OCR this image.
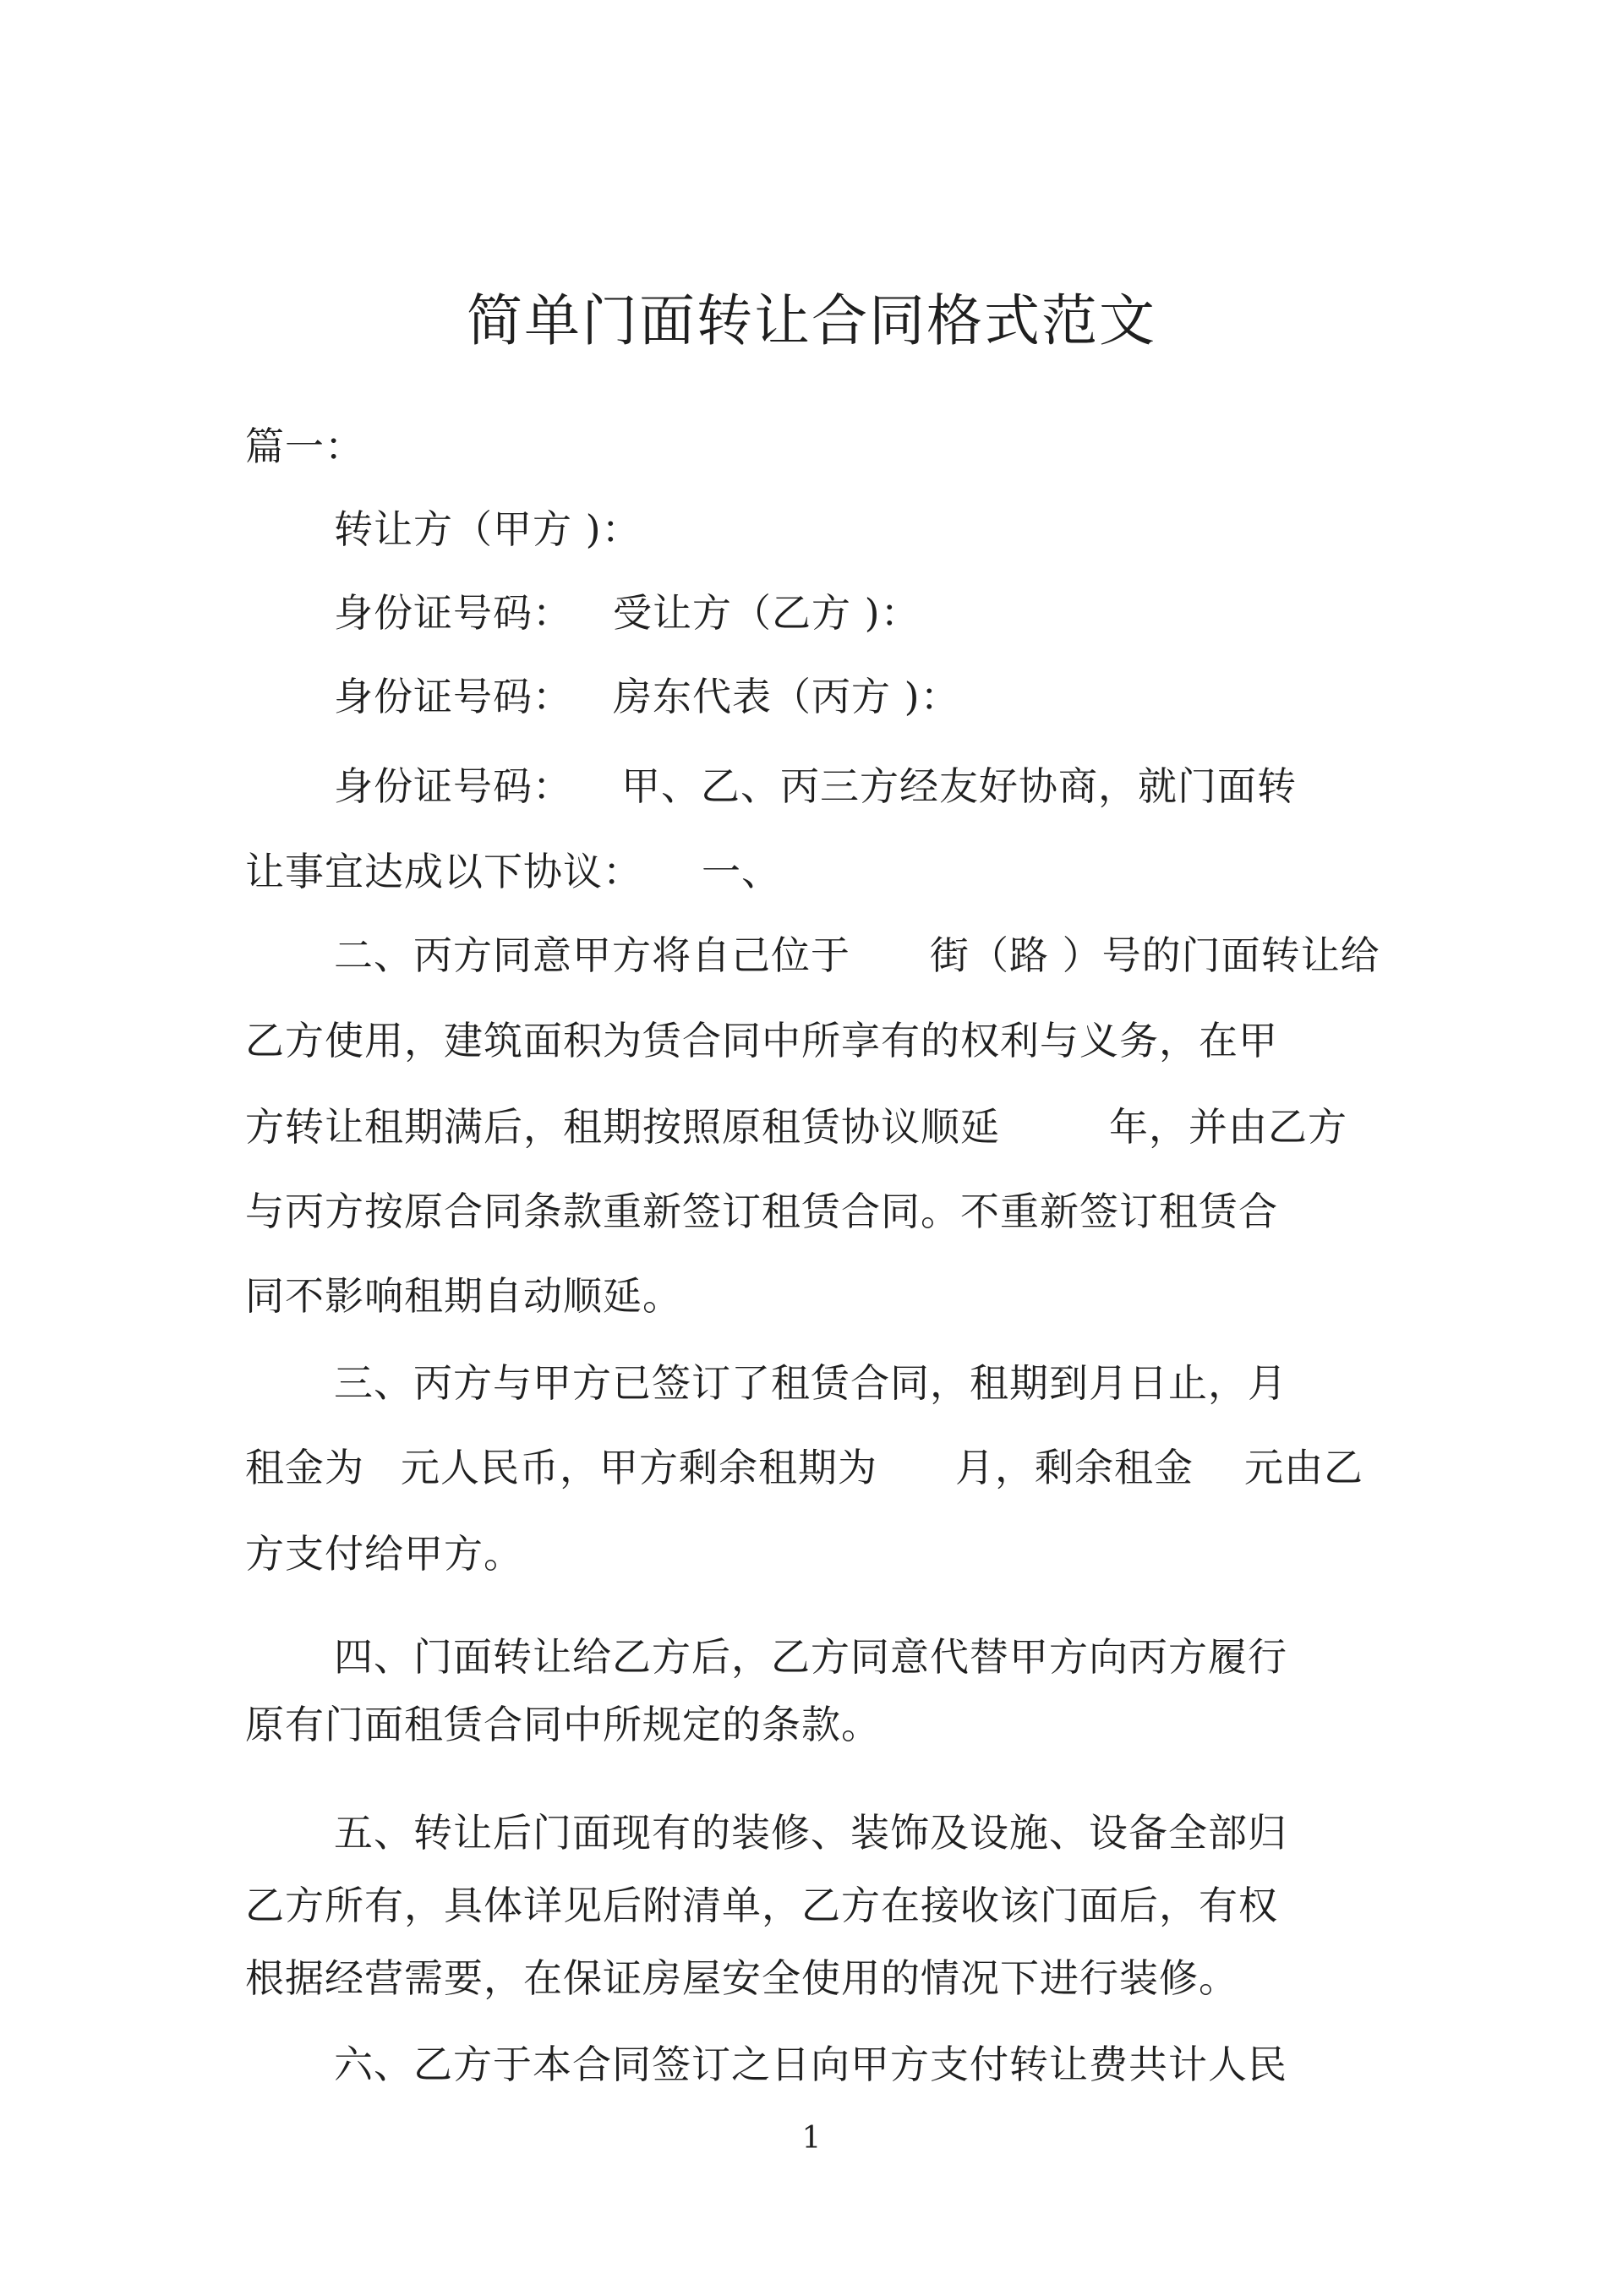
简单门面转让合同格式范文
篇一：
转让方（甲方 )：
身份证号码： 受让方（乙方 )：
身份证号码： 房东代表（丙方 )：
身份证号码： 甲、乙、丙三方经友好协商，就门面转
让事宜达成以下协议： 一、
二、丙方同意甲方将自己位于 街（路 ）号的门面转让给
乙方使用，建筑面积为赁合同中所享有的权利与义务，在甲
方转让租期满后，租期按照原租赁协议顺延	年，并由乙方
与丙方按原合同条款重新签订租赁合同。不重新签订租赁合
同不影响租期自动顺延。
三、丙方与甲方已签订了租赁合同，租期到月日止，月
租金为 元人民币，甲方剩余租期为 月，剩余租金 元由乙
方支付给甲方。
四、门面转让给乙方后，乙方同意代替甲方向丙方履行
原有门面租赁合同中所规定的条款。
五、转让后门面现有的装修、装饰及设施、设备全部归
乙方所有，具体详见后附清单，乙方在接收该门面后，有权
根据经营需要，在保证房屋安全使用的情况下进行装修。
六、乙方于本合同签订之日向甲方支付转让费共计人民
1
